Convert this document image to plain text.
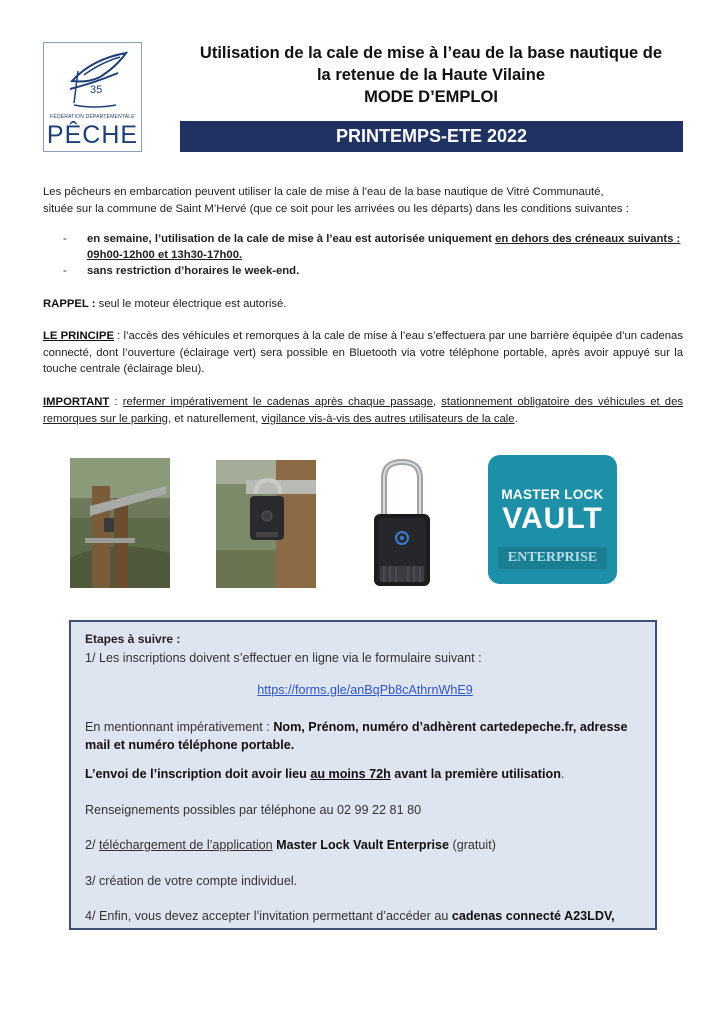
35
FÉDÉRATION DÉPARTEMENTALE
PÊCHE
Utilisation de la cale de mise à l’eau de la base nautique de
la retenue de la Haute Vilaine
MODE D’EMPLOI
PRINTEMPS-ETE 2022
Les pêcheurs en embarcation peuvent utiliser la cale de mise à l’eau de la base nautique de Vitré Communauté,
située sur la commune de Saint M’Hervé (que ce soit pour les arrivées ou les départs) dans les conditions suivantes :
- en semaine, l’utilisation de la cale de mise à l’eau est autorisée uniquement en dehors des créneaux suivants : 09h00-12h00 et 13h30-17h00.
- sans restriction d’horaires le week-end.
RAPPEL : seul le moteur électrique est autorisé.
LE PRINCIPE : l’accès des véhicules et remorques à la cale de mise à l’eau s’effectuera par une barrière équipée d’un cadenas connecté, dont l’ouverture (éclairage vert) sera possible en Bluetooth via votre téléphone portable, après avoir appuyé sur la touche centrale (éclairage bleu).
IMPORTANT : refermer impérativement le cadenas après chaque passage, stationnement obligatoire des véhicules et des remorques sur le parking, et naturellement, vigilance vis-à-vis des autres utilisateurs de la cale.
MASTER LOCK
VAULT
ENTERPRISE
Etapes à suivre :
1/ Les inscriptions doivent s’effectuer en ligne via le formulaire suivant :
https://forms.gle/anBqPb8cAthrnWhE9
En mentionnant impérativement : Nom, Prénom, numéro d’adhèrent cartedepeche.fr, adresse mail et numéro téléphone portable.
L’envoi de l’inscription doit avoir lieu au moins 72h avant la première utilisation.
Renseignements possibles par téléphone au 02 99 22 81 80
2/ téléchargement de l’application Master Lock Vault Enterprise (gratuit)
3/ création de votre compte individuel.
4/ Enfin, vous devez accepter l’invitation permettant d’accéder au cadenas connecté A23LDV,
